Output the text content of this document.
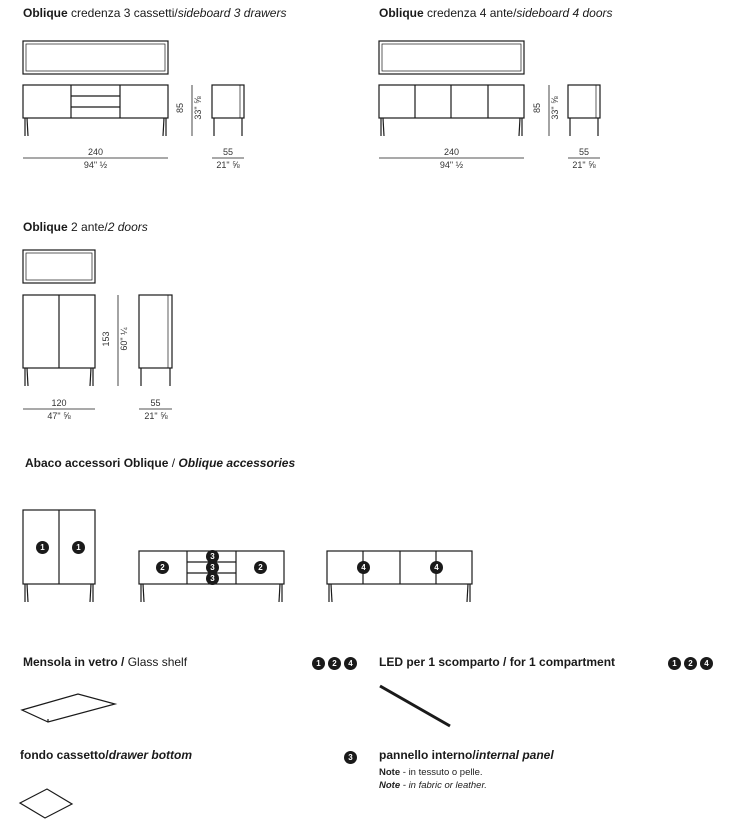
Oblique credenza 3 cassetti/sideboard 3 drawers	Oblique credenza 4 ante/sideboard 4 doors
Oblique 2 ante/2 doors
Abaco accessori Oblique / Oblique accessories
240
94" ½
55
21" ⅝
85 33" ⅝
240
94" ½
55
21" ⅝
85 33" ⅝
120
47" ⅝
55
21" ⅝
153 60" ¼
1	1
2	2
3
3
3
4	4
Mensola in vetro / Glass shelf	1 2 4	LED per 1 scomparto / for 1 compartment	1 2 4
fondo cassetto/drawer bottom	3	pannello interno/internal panel
Note - in tessuto o pelle.
Note - in fabric or leather.
